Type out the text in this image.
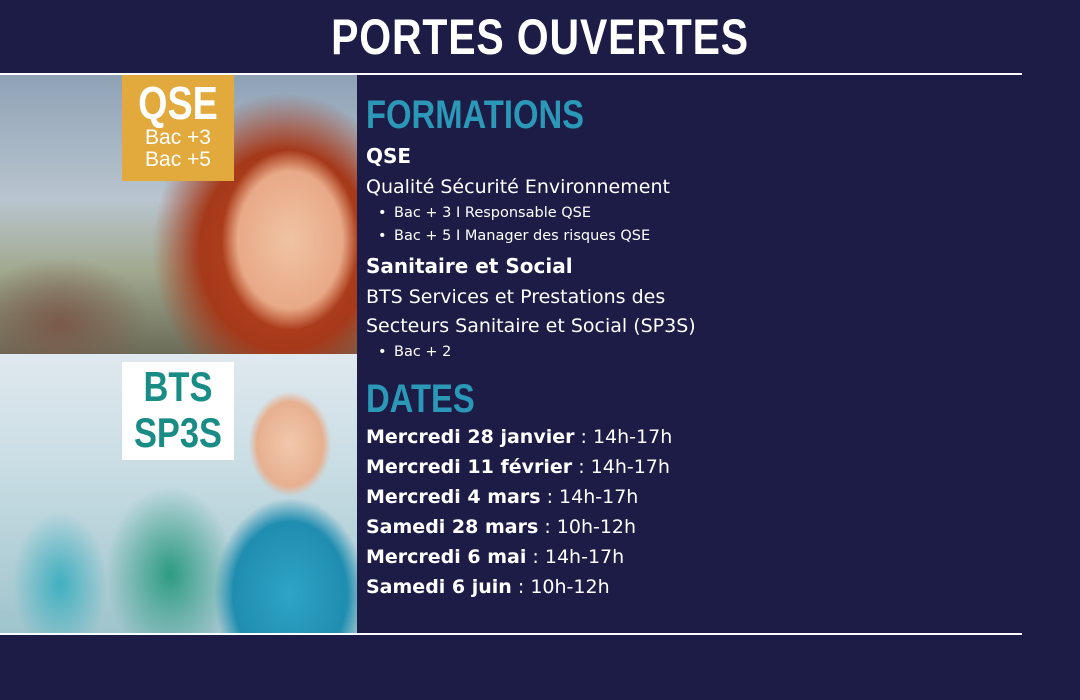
PORTES OUVERTES
QSE
Bac +3
Bac +5
BTS
SP3S
FORMATIONS
QSE
Qualité Sécurité Environnement
• Bac + 3 I Responsable QSE
• Bac + 5 I Manager des risques QSE
Sanitaire et Social
BTS Services et Prestations des
Secteurs Sanitaire et Social (SP3S)
• Bac + 2
DATES
Mercredi 28 janvier : 14h-17h
Mercredi 11 février : 14h-17h
Mercredi 4 mars : 14h-17h
Samedi 28 mars : 10h-12h
Mercredi 6 mai : 14h-17h
Samedi 6 juin : 10h-12h
